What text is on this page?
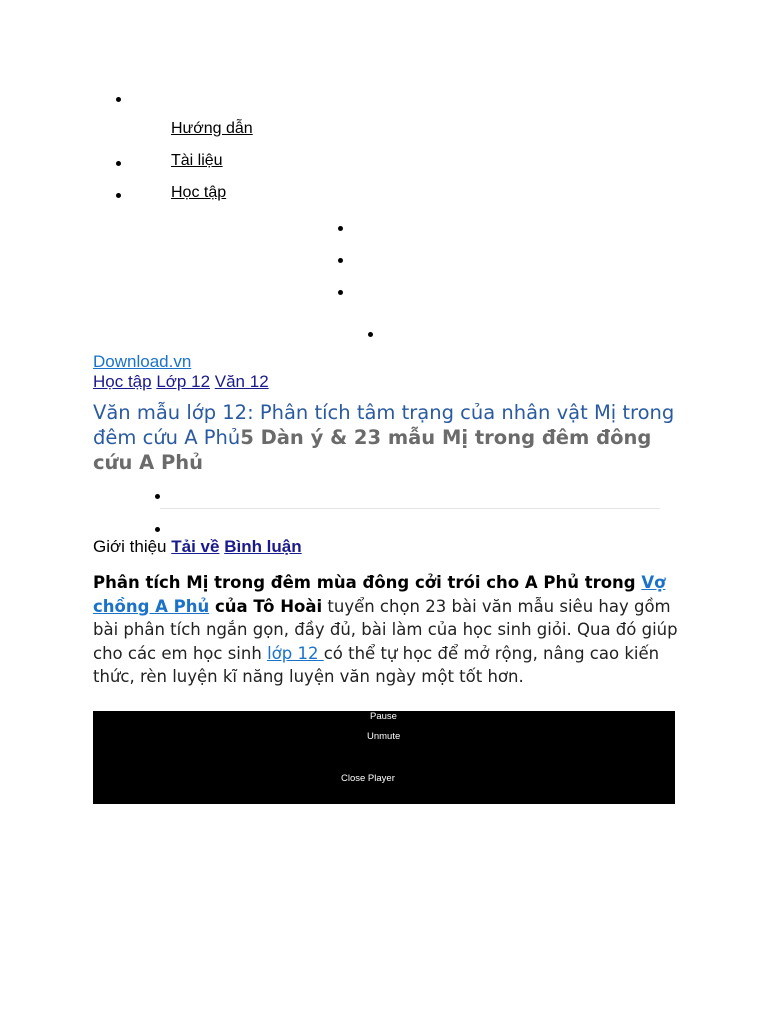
Hướng dẫn
Tài liệu
Học tập
Download.vn
Học tập Lớp 12 Văn 12
Văn mẫu lớp 12: Phân tích tâm trạng của nhân vật Mị trong đêm cứu A Phủ5 Dàn ý & 23 mẫu Mị trong đêm đông cứu A Phủ
Giới thiệu Tải về Bình luận
Phân tích Mị trong đêm mùa đông cởi trói cho A Phủ trong Vợ chồng A Phủ của Tô Hoài tuyển chọn 23 bài văn mẫu siêu hay gồm bài phân tích ngắn gọn, đầy đủ, bài làm của học sinh giỏi. Qua đó giúp cho các em học sinh lớp 12 có thể tự học để mở rộng, nâng cao kiến thức, rèn luyện kĩ năng luyện văn ngày một tốt hơn.
Pause
Unmute
Close Player
